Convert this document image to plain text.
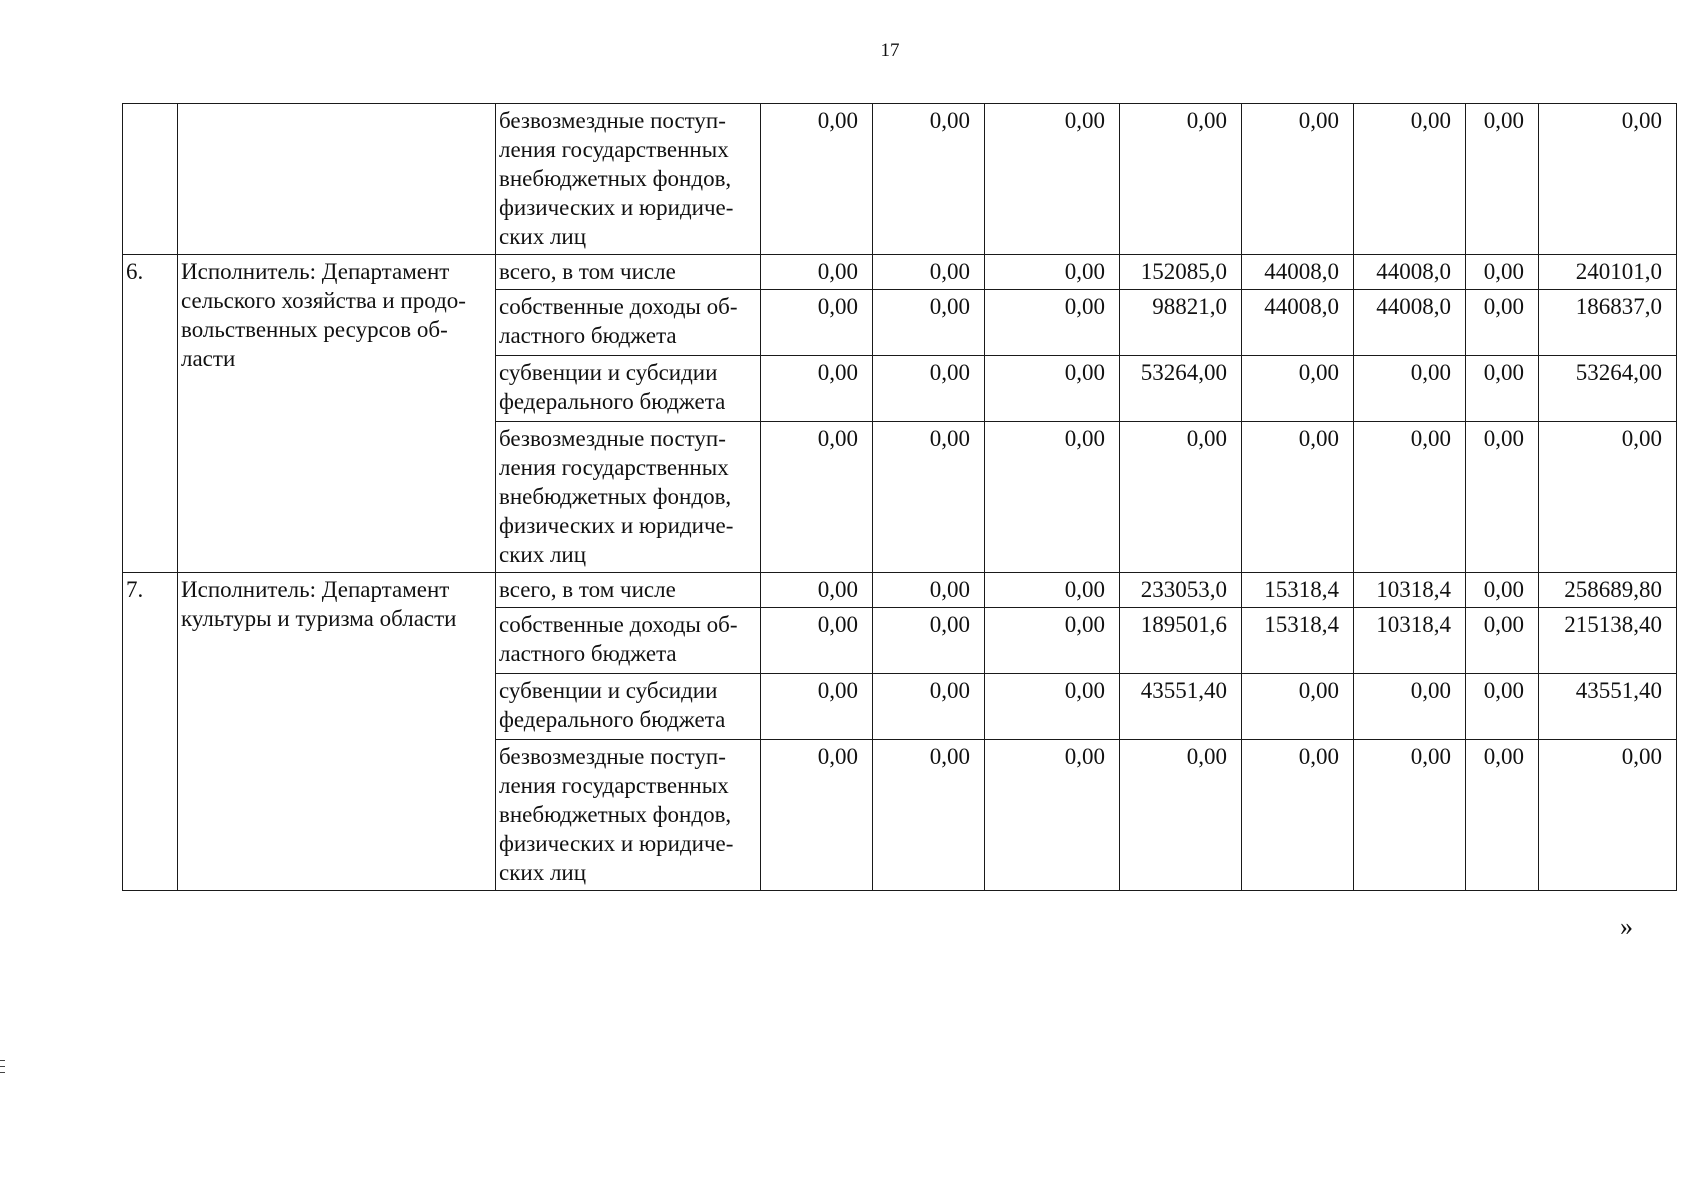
17
		безвозмездные поступ-ления государственных внебюджетных фондов, физических и юридиче-ских лиц	0,00	0,00	0,00	0,00	0,00	0,00	0,00	0,00
6.	Исполнитель: Департамент сельского хозяйства и продо-вольственных ресурсов об-ласти	всего, в том числе	0,00	0,00	0,00	152085,0	44008,0	44008,0	0,00	240101,0
		собственные доходы об-ластного бюджета	0,00	0,00	0,00	98821,0	44008,0	44008,0	0,00	186837,0
		субвенции и субсидии федерального бюджета	0,00	0,00	0,00	53264,00	0,00	0,00	0,00	53264,00
		безвозмездные поступ-ления государственных внебюджетных фондов, физических и юридиче-ских лиц	0,00	0,00	0,00	0,00	0,00	0,00	0,00	0,00
7.	Исполнитель: Департамент культуры и туризма области	всего, в том числе	0,00	0,00	0,00	233053,0	15318,4	10318,4	0,00	258689,80
		собственные доходы об-ластного бюджета	0,00	0,00	0,00	189501,6	15318,4	10318,4	0,00	215138,40
		субвенции и субсидии федерального бюджета	0,00	0,00	0,00	43551,40	0,00	0,00	0,00	43551,40
		безвозмездные поступ-ления государственных внебюджетных фондов, физических и юридиче-ских лиц	0,00	0,00	0,00	0,00	0,00	0,00	0,00	0,00
»
